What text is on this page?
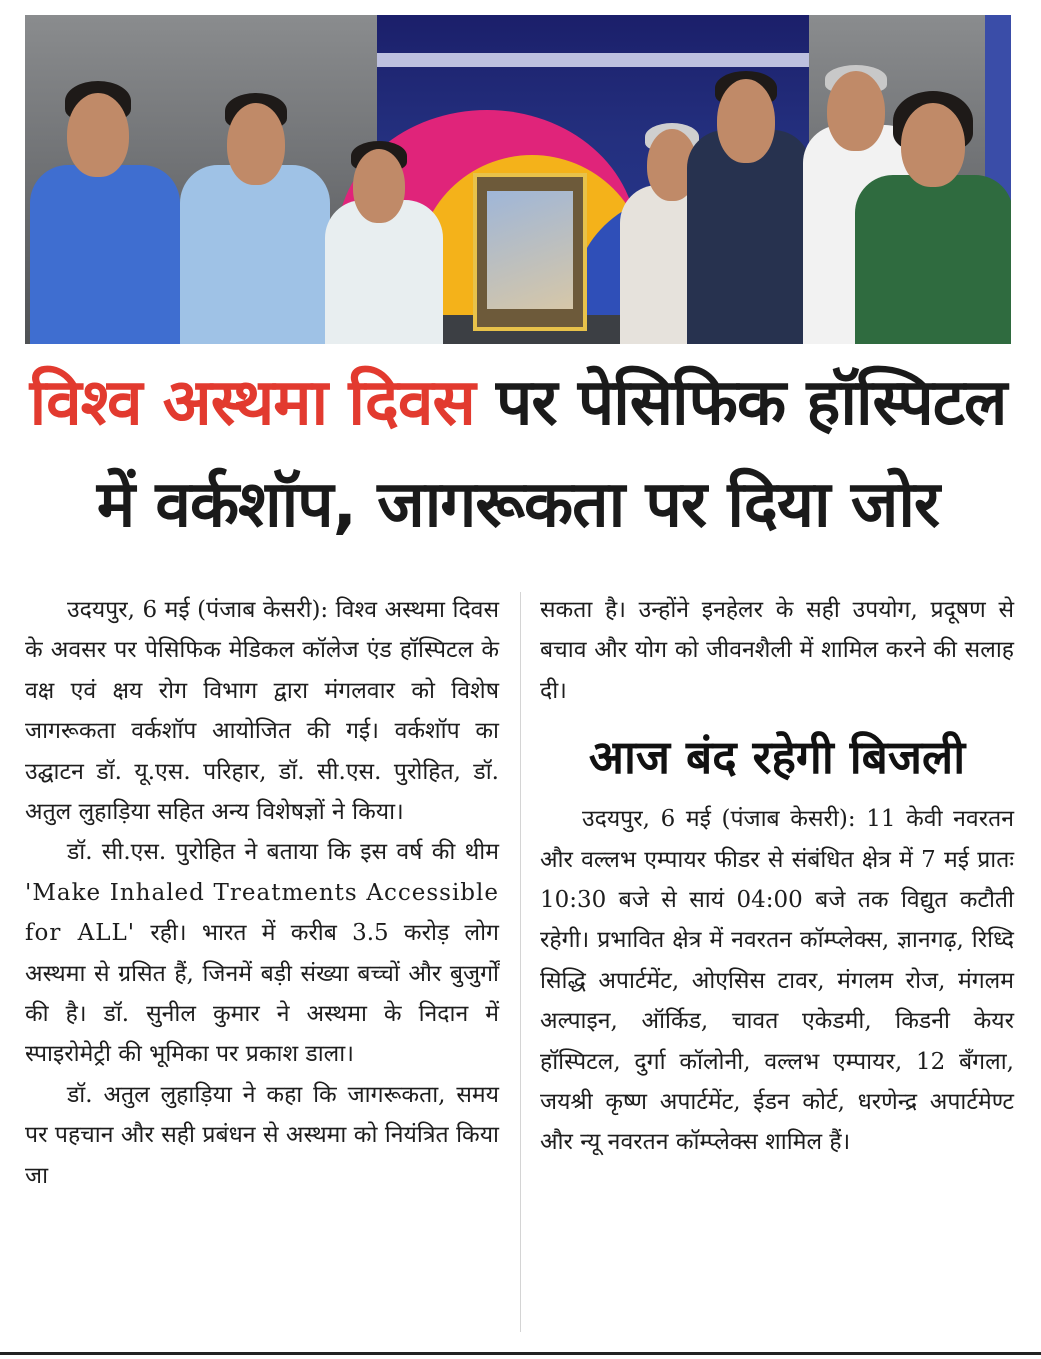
विश्व अस्थमा दिवस पर पेसिफिक हॉस्पिटल
में वर्कशॉप, जागरूकता पर दिया जोर

उदयपुर, 6 मई (पंजाब केसरी): विश्व अस्थमा दिवस के अवसर पर पेसिफिक मेडिकल कॉलेज एंड हॉस्पिटल के वक्ष एवं क्षय रोग विभाग द्वारा मंगलवार को विशेष जागरूकता वर्कशॉप आयोजित की गई। वर्कशॉप का उद्घाटन डॉ. यू.एस. परिहार, डॉ. सी.एस. पुरोहित, डॉ. अतुल लुहाड़िया सहित अन्य विशेषज्ञों ने किया।

डॉ. सी.एस. पुरोहित ने बताया कि इस वर्ष की थीम 'Make Inhaled Treatments Accessible for ALL' रही। भारत में करीब 3.5 करोड़ लोग अस्थमा से ग्रसित हैं, जिनमें बड़ी संख्या बच्चों और बुजुर्गों की है। डॉ. सुनील कुमार ने अस्थमा के निदान में स्पाइरोमेट्री की भूमिका पर प्रकाश डाला।

डॉ. अतुल लुहाड़िया ने कहा कि जागरूकता, समय पर पहचान और सही प्रबंधन से अस्थमा को नियंत्रित किया जा

सकता है। उन्होंने इनहेलर के सही उपयोग, प्रदूषण से बचाव और योग को जीवनशैली में शामिल करने की सलाह दी।

आज बंद रहेगी बिजली

उदयपुर, 6 मई (पंजाब केसरी): 11 केवी नवरतन और वल्लभ एम्पायर फीडर से संबंधित क्षेत्र में 7 मई प्रातः 10:30 बजे से सायं 04:00 बजे तक विद्युत कटौती रहेगी। प्रभावित क्षेत्र में नवरतन कॉम्प्लेक्स, ज्ञानगढ़, रिध्दि सिद्धि अपार्टमेंट, ओएसिस टावर, मंगलम रोज, मंगलम अल्पाइन, ऑर्किड, चावत एकेडमी, किडनी केयर हॉस्पिटल, दुर्गा कॉलोनी, वल्लभ एम्पायर, 12 बँगला, जयश्री कृष्ण अपार्टमेंट, ईडन कोर्ट, धरणेन्द्र अपार्टमेण्ट और न्यू नवरतन कॉम्प्लेक्स शामिल हैं।
